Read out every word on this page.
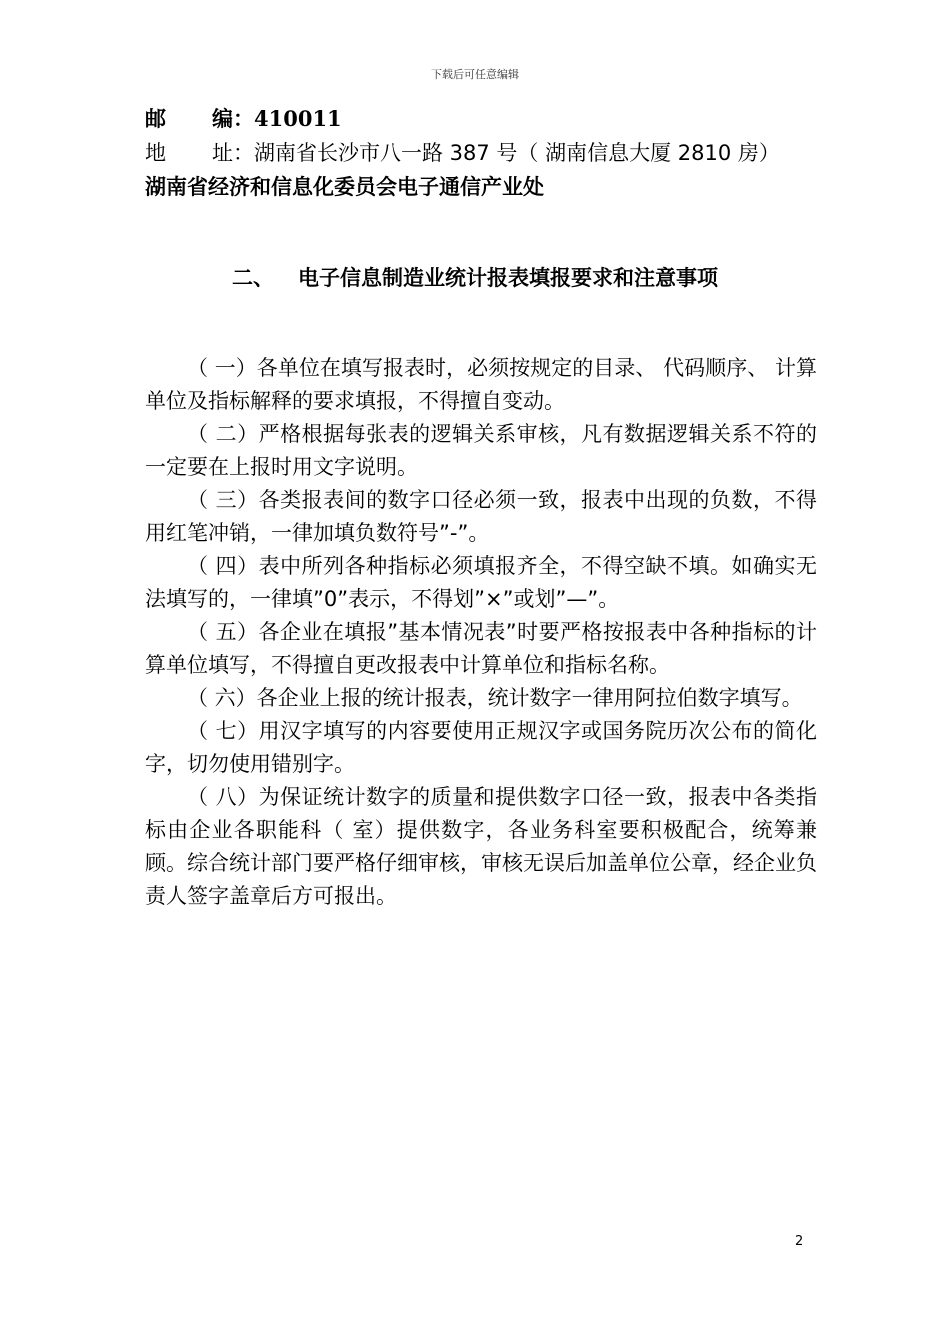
下载后可任意编辑
邮 编：410011
地 址：湖南省长沙市八一路 387 号（ 湖南信息大厦 2810 房）
湖南省经济和信息化委员会电子通信产业处
二、 电子信息制造业统计报表填报要求和注意事项

（ 一）各单位在填写报表时，必须按规定的目录、 代码顺序、 计算单位及指标解释的要求填报，不得擅自变动。

（ 二）严格根据每张表的逻辑关系审核，凡有数据逻辑关系不符的一定要在上报时用文字说明。

（ 三）各类报表间的数字口径必须一致，报表中出现的负数，不得用红笔冲销，一律加填负数符号”-”。

（ 四）表中所列各种指标必须填报齐全，不得空缺不填。如确实无法填写的，一律填”0”表示，不得划”×”或划”—”。

（ 五）各企业在填报”基本情况表”时要严格按报表中各种指标的计算单位填写，不得擅自更改报表中计算单位和指标名称。

（ 六）各企业上报的统计报表，统计数字一律用阿拉伯数字填写。

（ 七）用汉字填写的内容要使用正规汉字或国务院历次公布的简化字，切勿使用错别字。

（ 八）为保证统计数字的质量和提供数字口径一致，报表中各类指标由企业各职能科（ 室）提供数字，各业务科室要积极配合，统筹兼顾。综合统计部门要严格仔细审核，审核无误后加盖单位公章，经企业负责人签字盖章后方可报出。

2
